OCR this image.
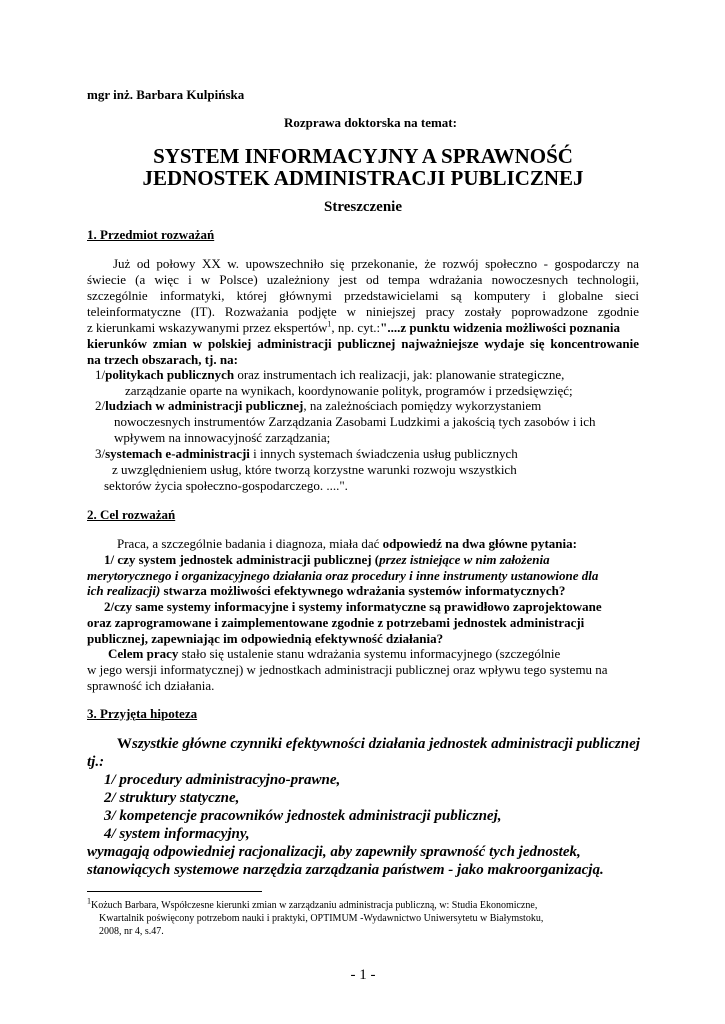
mgr inż. Barbara Kulpińska
Rozprawa doktorska na temat:
SYSTEM INFORMACYJNY A SPRAWNOŚĆ
JEDNOSTEK ADMINISTRACJI PUBLICZNEJ
Streszczenie
1. Przedmiot rozważań
Już od połowy XX w. upowszechniło się przekonanie, że rozwój społeczno - gospodarczy na
świecie (a więc i w Polsce) uzależniony jest od tempa wdrażania nowoczesnych technologii,
szczególnie informatyki, której głównymi przedstawicielami są komputery i globalne sieci
teleinformatyczne (IT). Rozważania podjęte w niniejszej pracy zostały poprowadzone zgodnie
z kierunkami wskazywanymi przez ekspertów$^1$, np. cyt.:"....z punktu widzenia możliwości poznania
kierunków zmian w polskiej administracji publicznej najważniejsze wydaje się koncentrowanie
na trzech obszarach, tj. na:
1/politykach publicznych oraz instrumentach ich realizacji, jak: planowanie strategiczne,
zarządzanie oparte na wynikach, koordynowanie polityk, programów i przedsięwzięć;
2/ludziach w administracji publicznej, na zależnościach pomiędzy wykorzystaniem
nowoczesnych instrumentów Zarządzania Zasobami Ludzkimi a jakością tych zasobów i ich
wpływem na innowacyjność zarządzania;
3/systemach e-administracji i innych systemach świadczenia usług publicznych
z uwzględnieniem usług, które tworzą korzystne warunki rozwoju wszystkich
sektorów życia społeczno-gospodarczego. ....".
2. Cel rozważań
Praca, a szczególnie badania i diagnoza, miała dać odpowiedź na dwa główne pytania:
1/ czy system jednostek administracji publicznej (przez istniejące w nim założenia
merytorycznego i organizacyjnego działania oraz procedury i inne instrumenty ustanowione dla
ich realizacji) stwarza możliwości efektywnego wdrażania systemów informatycznych?
2/czy same systemy informacyjne i systemy informatyczne są prawidłowo zaprojektowane
oraz zaprogramowane i zaimplementowane zgodnie z potrzebami jednostek administracji
publicznej, zapewniając im odpowiednią efektywność działania?
Celem pracy stało się ustalenie stanu wdrażania systemu informacyjnego (szczególnie
w jego wersji informatycznej) w jednostkach administracji publicznej oraz wpływu tego systemu na
sprawność ich działania.
3. Przyjęta hipoteza
Wszystkie główne czynniki efektywności działania jednostek administracji publicznej
tj.:
1/ procedury administracyjno-prawne,
2/ struktury statyczne,
3/ kompetencje pracowników jednostek administracji publicznej,
4/ system informacyjny,
wymagają odpowiedniej racjonalizacji, aby zapewniły sprawność tych jednostek,
stanowiących systemowe narzędzia zarządzania państwem - jako makroorganizacją.
$^1$Kożuch Barbara, Współczesne kierunki zmian w zarządzaniu administracja publiczną, w: Studia Ekonomiczne,
Kwartalnik poświęcony potrzebom nauki i praktyki, OPTIMUM -Wydawnictwo Uniwersytetu w Białymstoku,
2008, nr 4, s.47.
- 1 -
